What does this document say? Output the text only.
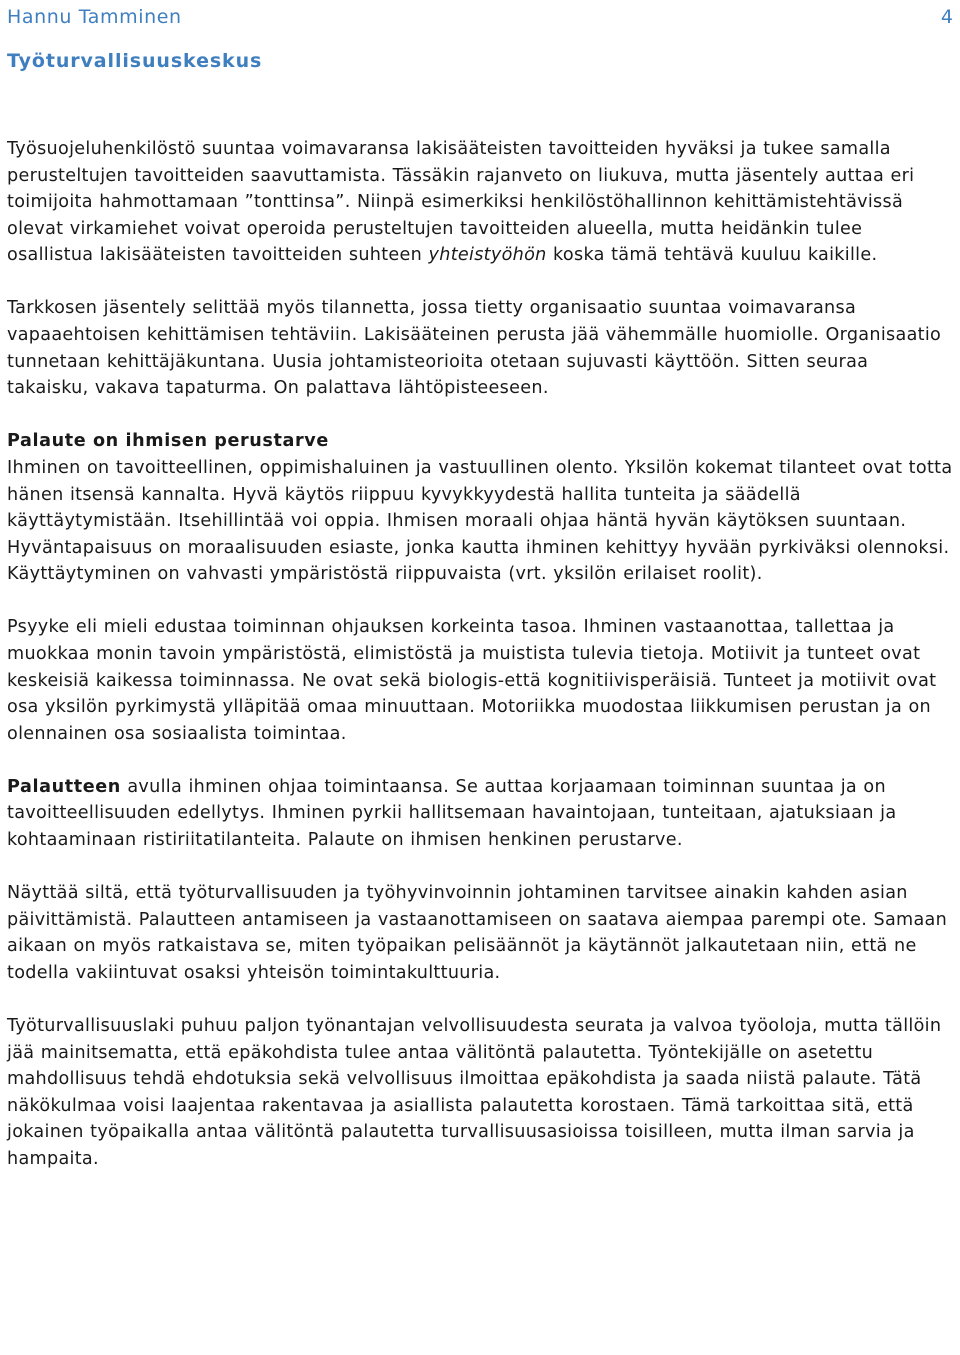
Hannu Tamminen	4
Työturvallisuuskeskus

Työsuojeluhenkilöstö suuntaa voimavaransa lakisääteisten tavoitteiden hyväksi ja tukee samalla perusteltujen tavoitteiden saavuttamista. Tässäkin rajanveto on liukuva, mutta jäsentely auttaa eri toimijoita hahmottamaan ”tonttinsa”. Niinpä esimerkiksi henkilöstöhallinnon kehittämistehtävissä olevat virkamiehet voivat operoida perusteltujen tavoitteiden alueella, mutta heidänkin tulee osallistua lakisääteisten tavoitteiden suhteen yhteistyöhön koska tämä tehtävä kuuluu kaikille.

Tarkkosen jäsentely selittää myös tilannetta, jossa tietty organisaatio suuntaa voimavaransa vapaaehtoisen kehittämisen tehtäviin. Lakisääteinen perusta jää vähemmälle huomiolle. Organisaatio tunnetaan kehittäjäkuntana. Uusia johtamisteorioita otetaan sujuvasti käyttöön. Sitten seuraa takaisku, vakava tapaturma. On palattava lähtöpisteeseen.

Palaute on ihmisen perustarve

Ihminen on tavoitteellinen, oppimishaluinen ja vastuullinen olento. Yksilön kokemat tilanteet ovat totta hänen itsensä kannalta. Hyvä käytös riippuu kyvykkyydestä hallita tunteita ja säädellä käyttäytymistään. Itsehillintää voi oppia. Ihmisen moraali ohjaa häntä hyvän käytöksen suuntaan. Hyväntapaisuus on moraalisuuden esiaste, jonka kautta ihminen kehittyy hyvään pyrkiväksi olennoksi. Käyttäytyminen on vahvasti ympäristöstä riippuvaista (vrt. yksilön erilaiset roolit).

Psyyke eli mieli edustaa toiminnan ohjauksen korkeinta tasoa. Ihminen vastaanottaa, tallettaa ja muokkaa monin tavoin ympäristöstä, elimistöstä ja muistista tulevia tietoja. Motiivit ja tunteet ovat keskeisiä kaikessa toiminnassa. Ne ovat sekä biologis-että kognitiivisperäisiä. Tunteet ja motiivit ovat osa yksilön pyrkimystä ylläpitää omaa minuuttaan. Motoriikka muodostaa liikkumisen perustan ja on olennainen osa sosiaalista toimintaa.

Palautteen avulla ihminen ohjaa toimintaansa. Se auttaa korjaamaan toiminnan suuntaa ja on tavoitteellisuuden edellytys. Ihminen pyrkii hallitsemaan havaintojaan, tunteitaan, ajatuksiaan ja kohtaaminaan ristiriitatilanteita. Palaute on ihmisen henkinen perustarve.

Näyttää siltä, että työturvallisuuden ja työhyvinvoinnin johtaminen tarvitsee ainakin kahden asian päivittämistä. Palautteen antamiseen ja vastaanottamiseen on saatava aiempaa parempi ote. Samaan aikaan on myös ratkaistava se, miten työpaikan pelisäännöt ja käytännöt jalkautetaan niin, että ne todella vakiintuvat osaksi yhteisön toimintakulttuuria.

Työturvallisuuslaki puhuu paljon työnantajan velvollisuudesta seurata ja valvoa työoloja, mutta tällöin jää mainitsematta, että epäkohdista tulee antaa välitöntä palautetta. Työntekijälle on asetettu mahdollisuus tehdä ehdotuksia sekä velvollisuus ilmoittaa epäkohdista ja saada niistä palaute. Tätä näkökulmaa voisi laajentaa rakentavaa ja asiallista palautetta korostaen. Tämä tarkoittaa sitä, että jokainen työpaikalla antaa välitöntä palautetta turvallisuusasioissa toisilleen, mutta ilman sarvia ja hampaita.
